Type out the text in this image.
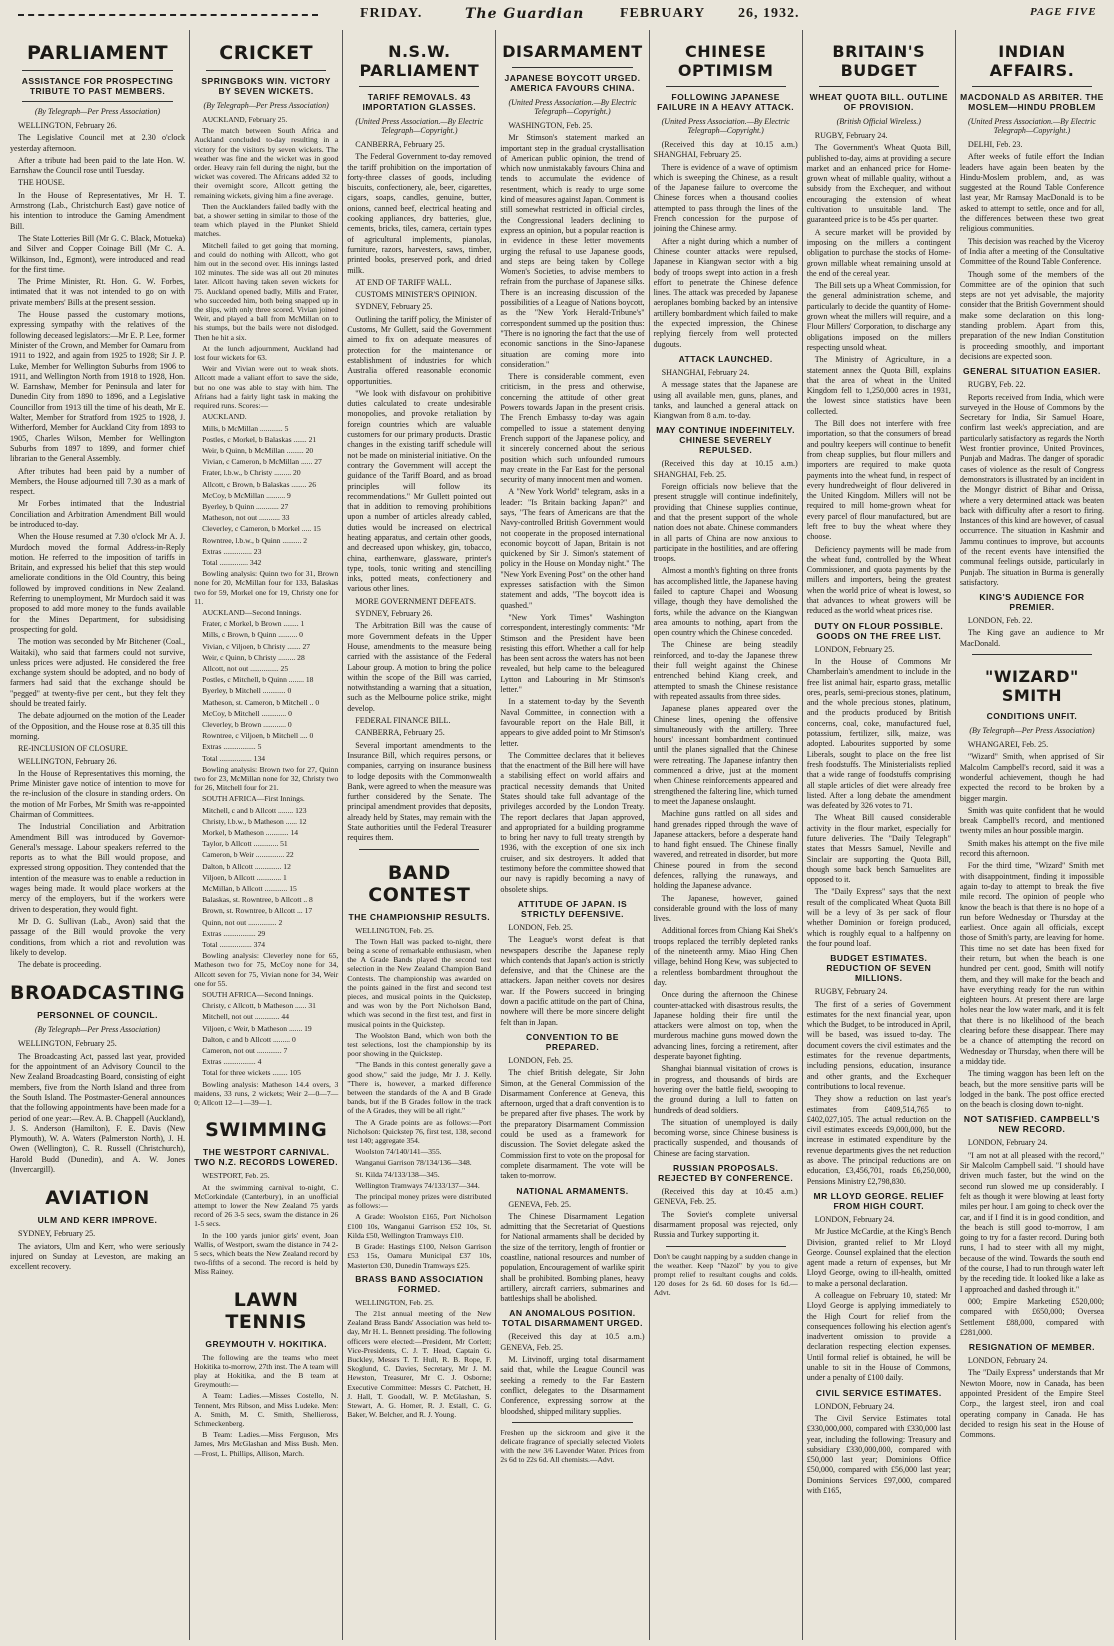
FRIDAY.	The Guardian	FEBRUARY 26, 1932.	PAGE FIVE
PARLIAMENT
ASSISTANCE FOR PROSPECTING TRIBUTE TO PAST MEMBERS.
(By Telegraph—Per Press Association)

WELLINGTON, February 26.

The Legislative Council met at 2.30 o'clock yesterday afternoon.

After a tribute had been paid to the late Hon. W. Earnshaw the Council rose until Tuesday.

THE HOUSE.

In the House of Representatives, Mr H. T. Armstrong (Lab., Christchurch East) gave notice of his intention to introduce the Gaming Amendment Bill.

The State Lotteries Bill (Mr G. C. Black, Motueka) and Silver and Copper Coinage Bill (Mr C. A. Wilkinson, Ind., Egmont), were introduced and read for the first time.

The Prime Minister, Rt. Hon. G. W. Forbes, intimated that it was not intended to go on with private members' Bills at the present session.

The House passed the customary motions, expressing sympathy with the relatives of the following deceased legislators:—Mr E. P. Lee, former Minister of the Crown, and Member for Oamaru from 1911 to 1922, and again from 1925 to 1928; Sir J. P. Luke, Member for Wellington Suburbs from 1906 to 1911, and Wellington North from 1918 to 1928, Hon. W. Earnshaw, Member for Peninsula and later for Dunedin City from 1890 to 1896, and a Legislative Councillor from 1913 till the time of his death, Mr E. Walter, Member for Stratford from 1925 to 1928, J. Witherford, Member for Auckland City from 1893 to 1905, Charles Wilson, Member for Wellington Suburbs from 1897 to 1899, and former chief librarian to the General Assembly.

After tributes had been paid by a number of Members, the House adjourned till 7.30 as a mark of respect.

Mr Forbes intimated that the Industrial Conciliation and Arbitration Amendment Bill would be introduced to-day.

When the House resumed at 7.30 o'clock Mr A. J. Murdoch moved the formal Address-in-Reply motion. He referred to the imposition of tariffs in Britain, and expressed his belief that this step would ameliorate conditions in the Old Country, this being followed by improved conditions in New Zealand. Referring to unemployment, Mr Murdoch said it was proposed to add more money to the funds available for the Mines Department, for subsidising prospecting for gold.

The motion was seconded by Mr Bitchener (Coal., Waitaki), who said that farmers could not survive, unless prices were adjusted. He considered the free exchange system should be adopted, and no body of farmers had said that the exchange should be "pegged" at twenty-five per cent., but they felt they should be treated fairly.

The debate adjourned on the motion of the Leader of the Opposition, and the House rose at 8.35 till this morning.

RE-INCLUSION OF CLOSURE.

WELLINGTON, February 26.

In the House of Representatives this morning, the Prime Minister gave notice of intention to move for the re-inclusion of the closure in standing orders. On the motion of Mr Forbes, Mr Smith was re-appointed Chairman of Committees.

The Industrial Conciliation and Arbitration Amendment Bill was introduced by Governor-General's message. Labour speakers referred to the reports as to what the Bill would propose, and expressed strong opposition. They contended that the intention of the measure was to enable a reduction in wages being made. It would place workers at the mercy of the employers, but if the workers were driven to desperation, they would fight.

Mr D. G. Sullivan (Lab., Avon) said that the passage of the Bill would provoke the very conditions, from which a riot and revolution was likely to develop.

The debate is proceeding.

BROADCASTING
PERSONNEL OF COUNCIL.
(By Telegraph—Per Press Association)

WELLINGTON, February 25.

The Broadcasting Act, passed last year, provided for the appointment of an Advisory Council to the New Zealand Broadcasting Board, consisting of eight members, five from the North Island and three from the South Island. The Postmaster-General announces that the following appointments have been made for a period of one year:—Rev. A. B. Chappell (Auckland), J. S. Anderson (Hamilton), F. E. Davis (New Plymouth), W. A. Waters (Palmerston North), J. H. Owen (Wellington), C. R. Russell (Christchurch), Harold Budd (Dunedin), and A. W. Jones (Invercargill).

AVIATION
ULM AND KERR IMPROVE.

SYDNEY, February 25.

The aviators, Ulm and Kerr, who were seriously injured on Sunday at Leveston, are making an excellent recovery.

CRICKET
SPRINGBOKS WIN. VICTORY BY SEVEN WICKETS.
(By Telegraph—Per Press Association)

AUCKLAND, February 25.

The match between South Africa and Auckland concluded to-day resulting in a victory for the visitors by seven wickets. The weather was fine and the wicket was in good order. Heavy rain fell during the night, but the wicket was covered. The Africans added 32 to their overnight score, Allcott getting the remaining wickets, giving him a fine average.

Then the Aucklanders failed badly with the bat, a shower setting in similar to those of the team which played in the Plunket Shield matches.

Mitchell failed to get going that morning, and could do nothing with Allcott, who got him out in the second over. His innings lasted 102 minutes. The side was all out 20 minutes later. Allcott having taken seven wickets for 75. Auckland opened badly, Mills and Frater, who succeeded him, both being snapped up in the slips, with only three scored. Vivian joined Weir, and played a ball from McMillan on to his stumps, but the bails were not dislodged. Then he hit a six.

At the lunch adjournment, Auckland had lost four wickets for 63.

Weir and Vivian were out to weak shots. Allcott made a valiant effort to save the side, but no one was able to stay with him. The Afrians had a fairly light task in making the required runs. Scores:—

AUCKLAND.

Mills, b McMillan ............ 5

Postles, c Morkel, b Balaskas ....... 21

Weir, b Quinn, b McMillan ......... 20

Vivian, c Cameron, b McMillan ...... 27

Frater, l.b.w., b Christy ......... 20

Allcott, c Brown, b Balaskas ........ 26

McCoy, b McMillan .......... 9

Byerley, b Quinn ............ 27

Matheson, not out ........... 33

Cleverley, c Cameron, b Morkel ..... 15

Rowntree, l.b.w., b Quinn .......... 2

Extras ............... 23

Total ............... 342

Bowling analysis: Quinn two for 31, Brown none for 20, McMillan four for 133, Balaskas two for 59, Morkel one for 19, Christy one for 11.

AUCKLAND—Second Innings.

Frater, c Morkel, b Brown ........ 1

Mills, c Brown, b Quinn .......... 0

Vivian, c Viljoen, b Christy ....... 27

Weir, c Quinn, b Christy ......... 28

Allcott, not out ............... 25

Postles, c Mitchell, b Quinn ........ 18

Byerley, b Mitchell ............ 0

Matheson, st. Cameron, b Mitchell .. 0

McCoy, b Mitchell ............. 0

Cleverley, b Brown ............ 0

Rowntree, c Viljoen, b Mitchell .... 0

Extras ................. 5

Total ................. 134

Bowling analysis: Brown two for 27, Quinn two for 23, McMillan none for 32, Christy two for 26, Mitchell four for 21.

SOUTH AFRICA—First Innings.

Mitchell, c and b Allcott ........ 123

Christy, l.b.w., b Matheson ...... 12

Morkel, b Matheson ............ 14

Taylor, b Allcott ............. 51

Cameron, b Weir ............... 22

Dalton, b Allcott .............. 12

Viljoen, b Allcott ............. 1

McMillan, b Allcott ............ 15

Balaskas, st. Rowntree, b Allcott .. 8

Brown, st. Rowntree, b Allcott ... 17

Quinn, not out ............... 2

Extras ................. 29

Total ................. 374

Bowling analysis: Cleverley none for 65, Matheson two for 75, McCoy none for 34, Allcott seven for 75, Vivian none for 34, Weir one for 55.

SOUTH AFRICA—Second Innings.

Christy, c Allcott, b Matheson ...... 31

Mitchell, not out ............. 44

Viljoen, c Weir, b Matheson ....... 19

Dalton, c and b Allcott ......... 0

Cameron, not out ............. 7

Extras ................. 4

Total for three wickets ........ 105

Bowling analysis: Matheson 14.4 overs, 3 maidens, 33 runs, 2 wickets; Weir 2—0—7—0; Allcott 12—1—39—1.

SWIMMING
THE WESTPORT CARNIVAL. TWO N.Z. RECORDS LOWERED.

WESTPORT, Feb. 25.

At the swimming carnival to-night, C. McCorkindale (Canterbury), in an unofficial attempt to lower the New Zealand 75 yards record of 26 3-5 secs, swam the distance in 26 1-5 secs.

In the 100 yards junior girls' event, Joan Wallis, of Westport, swam the distance in 74 2-5 secs, which beats the New Zealand record by two-fifths of a second. The record is held by Miss Rainey.

LAWN TENNIS
GREYMOUTH V. HOKITIKA.

The following are the teams who meet Hokitika to-morrow, 27th inst. The A team will play at Hokitika, and the B team at Greymouth:—

A Team: Ladies.—Misses Costello, N. Tennent, Mrs Ribson, and Miss Ludeke. Men: A. Smith, M. C. Smith, Shellieross, Schmeckenberg.

B Team: Ladies.—Miss Ferguson, Mrs James, Mrs McGlashan and Miss Bush. Men.—Frost, L. Phillips, Allison, March.

N.S.W. PARLIAMENT
TARIFF REMOVALS. 43 IMPORTATION GLASSES.
(United Press Association.—By Electric Telegraph—Copyright.)

CANBERRA, February 25.

The Federal Government to-day removed the tariff prohibition on the importation of forty-three classes of goods, including biscuits, confectionery, ale, beer, cigarettes, cigars, soaps, candles, genuine, butter, onions, canned beef, electrical heating and cooking appliances, dry batteries, glue, cements, bricks, tiles, camera, certain types of agricultural implements, pianolas, furniture, razors, harvesters, saws, timber, printed books, preserved pork, and dried milk.

AT END OF TARIFF WALL.

CUSTOMS MINISTER'S OPINION.

SYDNEY, February 25.

Outlining the tariff policy, the Minister of Customs, Mr Gullett, said the Government aimed to fix on adequate measures of protection for the maintenance or establishment of industries for which Australia offered reasonable economic opportunities.

"We look with disfavour on prohibitive duties calculated to create undesirable monopolies, and provoke retaliation by foreign countries which are valuable customers for our primary products. Drastic changes in the existing tariff schedule will not be made on ministerial initiative. On the contrary the Government will accept the guidance of the Tariff Board, and as broad principles will follow its recommendations." Mr Gullett pointed out that in addition to removing prohibitions upon a number of articles already cabled, duties would be increased on electrical heating apparatus, and certain other goods, and decreased upon whiskey, gin, tobacco, china, earthenware, glassware, printer's type, tools, tonic writing and stencilling inks, potted meats, confectionery and various other lines.

MORE GOVERNMENT DEFEATS.

SYDNEY, February 26.

The Arbitration Bill was the cause of more Government defeats in the Upper House, amendments to the measure being carried with the assistance of the Federal Labour group. A motion to bring the police within the scope of the Bill was carried, notwithstanding a warning that a situation, such as the Melbourne police strike, might develop.

FEDERAL FINANCE BILL.

CANBERRA, February 25.

Several important amendments to the Insurance Bill, which requires persons, or companies, carrying on insurance business to lodge deposits with the Commonwealth Bank, were agreed to when the measure was further considered by the Senate. The principal amendment provides that deposits, already held by States, may remain with the State authorities until the Federal Treasurer requires them.

BAND CONTEST
THE CHAMPIONSHIP RESULTS.

WELLINGTON, Feb. 25.

The Town Hall was packed to-night, there being a scene of remarkable enthusiasm, when the A Grade Bands played the second test selection in the New Zealand Champion Band Contests. The championship was awarded on the points gained in the first and second test pieces, and musical points in the Quickstep, and was won by the Port Nicholson Band, which was second in the first test, and first in musical points in the Quickstep.

The Woolston Band, which won both the test selections, lost the championship by its poor showing in the Quickstep.

"The Bands in this contest generally gave a good show," said the judge, Mr J. J. Kelly. "There is, however, a marked difference between the standards of the A and B Grade bands, but if the B Grades follow in the track of the A Grades, they will be all right."

The A Grade points are as follows:—Port Nicholson: Quickstep 76, first test, 138, second test 140; aggregate 354.

Woolston 74/140/141—355.

Wanganui Garrison 78/134/136—348.

St. Kilda 74/133/138—345.

Wellington Tramways 74/133/137—344.

The principal money prizes were distributed as follows:—

A Grade: Woolston £165, Port Nicholson £100 10s, Wanganui Garrison £52 10s, St. Kilda £50, Wellington Tramways £10.

B Grade: Hastings £100, Nelson Garrison £53 15s, Oamaru Municipal £37 10s, Masterton £30, Dunedin Tramways £25.

BRASS BAND ASSOCIATION FORMED.

WELLINGTON, Feb. 25.

The 21st annual meeting of the New Zealand Brass Bands' Association was held to-day, Mr H. L. Bennett presiding. The following officers were elected:—President, Mr Corlett; Vice-Presidents, C. J. T. Head, Captain G. Buckley, Messrs T. T. Hull, R. B. Rope, F. Skoglund, C. Davies, Secretary, Mr J. M. Hewston, Treasurer, Mr C. J. Osborne; Executive Committee: Messrs C. Patchett, H. J. Hall, T. Goodall, W. P. McGlashan, S. Stewart, A. G. Homer, R. J. Estall, C. G. Baker, W. Belcher, and R. J. Young.

DISARMAMENT
JAPANESE BOYCOTT URGED. AMERICA FAVOURS CHINA.
(United Press Association.—By Electric Telegraph—Copyright.)

WASHINGTON, Feb. 25.

Mr Stimson's statement marked an important step in the gradual crystallisation of American public opinion, the trend of which now unmistakably favours China and tends to accumulate the evidence of resentment, which is ready to urge some kind of measures against Japan. Comment is still somewhat restricted in official circles, the Congressional leaders declining to express an opinion, but a popular reaction is in evidence in these letter movements urging the refusal to use Japanese goods, and steps are being taken by College Women's Societies, to advise members to refrain from the purchase of Japanese silks. There is an increasing discussion of the possibilities of a League of Nations boycott, as the "New York Herald-Tribune's" correspondent summed up the position thus: "There is no ignoring the fact that the use of economic sanctions in the Sino-Japanese situation are coming more into consideration."

There is considerable comment, even criticism, in the press and otherwise, concerning the attitude of other great Powers towards Japan in the present crisis. The French Embassy to-day was again compelled to issue a statement denying French support of the Japanese policy, and it sincerely concerned about the serious position which such unfounded rumours may create in the Far East for the personal security of many innocent men and women.

A "New York World" telegram, asks in a leader: "Is Britain backing Japan?" and says, "The fears of Americans are that the Navy-controlled British Government would not cooperate in the proposed international economic boycott of Japan, Britain is not quickened by Sir J. Simon's statement of policy in the House on Monday night." The "New York Evening Post" on the other hand expresses satisfaction with the Simon statement and adds, "The boycott idea is quashed."

"New York Times" Washington correspondent, interestingly comments: "Mr Stimson and the President have been resisting this effort. Whether a call for help has been sent across the waters has not been revealed, but help came to the beleagured Lytton and Labouring in Mr Stimson's letter."

In a statement to-day by the Seventh Naval Committee, in connection with a favourable report on the Hale Bill, it appears to give added point to Mr Stimson's letter.

The Committee declares that it believes that the enactment of the Bill here will have a stabilising effect on world affairs and practical necessity demands that United States should take full advantage of the privileges accorded by the London Treaty. The report declares that Japan approved, and appropriated for a building programme to bring her navy to full treaty strength by 1936, with the exception of one six inch cruiser, and six destroyers. It added that testimony before the committee showed that our navy is rapidly becoming a navy of obsolete ships.

ATTITUDE OF JAPAN. IS STRICTLY DEFENSIVE.

LONDON, Feb. 25.

The League's worst defeat is that newspapers describe the Japanese reply which contends that Japan's action is strictly defensive, and that the Chinese are the attackers. Japan neither covets nor desires war. If the Powers succeed in bringing down a pacific attitude on the part of China, nowhere will there be more sincere delight felt than in Japan.

CONVENTION TO BE PREPARED.

LONDON, Feb. 25.

The chief British delegate, Sir John Simon, at the General Commission of the Disarmament Conference at Geneva, this afternoon, urged that a draft convention is to be prepared after five phases. The work by the preparatory Disarmament Commission could be used as a framework for discussion. The Soviet delegate asked the Commission first to vote on the proposal for complete disarmament. The vote will be taken to-morrow.

NATIONAL ARMAMENTS.

GENEVA, Feb. 25.

The Chinese Disarmament Legation admitting that the Secretariat of Questions for National armaments shall be decided by the size of the territory, length of frontier or coastline, national resources and number of population, Encouragement of warlike spirit shall be prohibited. Bombing planes, heavy artillery, aircraft carriers, submarines and battleships shall be abolished.

AN ANOMALOUS POSITION. TOTAL DISARMAMENT URGED.

(Received this day at 10.5 a.m.) GENEVA, Feb. 25.

M. Litvinoff, urging total disarmament said that, while the League Council was seeking a remedy to the Far Eastern conflict, delegates to the Disarmament Conference, expressing sorrow at the bloodshed, shipped military supplies.

Freshen up the sickroom and give it the delicate fragrance of specially selected Violets with the new 3/6 Lavender Water. Prices from 2s 6d to 22s 6d. All chemists.—Advt.
CHINESE OPTIMISM
FOLLOWING JAPANESE FAILURE IN A HEAVY ATTACK.
(United Press Association.—By Electric Telegraph—Copyright.)

(Received this day at 10.15 a.m.) SHANGHAI, February 25.

There is evidence of a wave of optimism which is sweeping the Chinese, as a result of the Japanese failure to overcome the Chinese forces when a thousand coolies attempted to pass through the lines of the French concession for the purpose of joining the Chinese army.

After a night during which a number of Chinese counter attacks were repulsed, Japanese in Kiangwan sector with a big body of troops swept into action in a fresh effort to penetrate the Chinese defence lines. The attack was preceded by Japanese aeroplanes bombing backed by an intensive artillery bombardment which failed to make the expected impression, the Chinese replying fiercely from well protected dugouts.

ATTACK LAUNCHED.

SHANGHAI, February 24.

A message states that the Japanese are using all available men, guns, planes, and tanks, and launched a general attack on Kiangwan from 8 a.m. to-day.

MAY CONTINUE INDEFINITELY. CHINESE SEVERELY REPULSED.

(Received this day at 10.15 a.m.) SHANGHAI, Feb. 25.

Foreign officials now believe that the present struggle will continue indefinitely, providing that Chinese supplies continue, and that the present support of the whole nation does not abate. Chinese commanders in all parts of China are now anxious to participate in the hostilities, and are offering troops.

Almost a month's fighting on three fronts has accomplished little, the Japanese having failed to capture Chapei and Woosung village, though they have demolished the forts, while the advance on the Kiangwan area amounts to nothing, apart from the open country which the Chinese conceded.

The Chinese are being steadily reinforced, and to-day the Japanese threw their full weight against the Chinese entrenched behind Kiang creek, and attempted to smash the Chinese resistance with repeated assaults from three sides.

Japanese planes appeared over the Chinese lines, opening the offensive simultaneously with the artillery. Three hours' incessant bombardment continued until the planes signalled that the Chinese were retreating. The Japanese infantry then commenced a drive, just at the moment when Chinese reinforcements appeared and strengthened the faltering line, which turned to meet the Japanese onslaught.

Machine guns rattled on all sides and hand grenades ripped through the wave of Japanese attackers, before a desperate hand to hand fight ensued. The Chinese finally wavered, and retreated in disorder, but more Chinese poured in from the second defences, rallying the runaways, and holding the Japanese advance.

The Japanese, however, gained considerable ground with the loss of many lives.

Additional forces from Chiang Kai Shek's troops replaced the terribly depleted ranks of the nineteenth army. Miao Hing Chen village, behind Hong Kew, was subjected to a relentless bombardment throughout the day.

Once during the afternoon the Chinese counter-attacked with disastrous results, the Japanese holding their fire until the attackers were almost on top, when the murderous machine guns mowed down the advancing lines, forcing a retirement, after desperate bayonet fighting.

Shanghai biannual visitation of crows is in progress, and thousands of birds are hovering over the battle field, swooping to the ground during a lull to fatten on hundreds of dead soldiers.

The situation of unemployed is daily becoming worse, since Chinese business is practically suspended, and thousands of Chinese are facing starvation.

RUSSIAN PROPOSALS. REJECTED BY CONFERENCE.

(Received this day at 10.45 a.m.) GENEVA, Feb. 25.

The Soviet's complete universal disarmament proposal was rejected, only Russia and Turkey supporting it.

Don't be caught napping by a sudden change in the weather. Keep "Nazol" by you to give prompt relief to resultant coughs and colds. 120 doses for 2s 6d. 60 doses for 1s 6d.—Advt.
BRITAIN'S BUDGET
WHEAT QUOTA BILL. OUTLINE OF PROVISION.
(British Official Wireless.)

RUGBY, February 24.

The Government's Wheat Quota Bill, published to-day, aims at providing a secure market and an enhanced price for Home-grown wheat of millable quality, without a subsidy from the Exchequer, and without encouraging the extension of wheat cultivation to unsuitable land. The guaranteed price is to be 45s per quarter.

A secure market will be provided by imposing on the millers a contingent obligation to purchase the stocks of Home-grown millable wheat remaining unsold at the end of the cereal year.

The Bill sets up a Wheat Commission, for the general administration scheme, and particularly to decide the quantity of Home-grown wheat the millers will require, and a Flour Millers' Corporation, to discharge any obligations imposed on the millers respecting unsold wheat.

The Ministry of Agriculture, in a statement annex the Quota Bill, explains that the area of wheat in the United Kingdom fell to 1,250,000 acres in 1931, the lowest since statistics have been collected.

The Bill does not interfere with free importation, so that the consumers of bread and poultry keepers will continue to benefit from cheap supplies, but flour millers and importers are required to make quota payments into the wheat fund, in respect of every hundredweight of flour delivered in the United Kingdom. Millers will not be required to mill home-grown wheat for every parcel of flour manufactured, but are left free to buy the wheat where they choose.

Deficiency payments will be made from the wheat fund, controlled by the Wheat Commissioner, and quota payments by the millers and importers, being the greatest when the world price of wheat is lowest, so that advances to wheat growers will be reduced as the world wheat prices rise.

DUTY ON FLOUR POSSIBLE. GOODS ON THE FREE LIST.

LONDON, February 25.

In the House of Commons Mr Chamberlain's amendment to include in the free list animal hair, esparto grass, metallic ores, pearls, semi-precious stones, platinum, and the whole precious stones, platinum, and the products produced by British concerns, coal, coke, manufactured fuel, potassium, fertilizer, silk, maize, was adopted. Labourites supported by some Liberals, sought to place on the free list fresh foodstuffs. The Ministerialists replied that a wide range of foodstuffs comprising all staple articles of diet were already free listed. After a long debate the amendment was defeated by 326 votes to 71.

The Wheat Bill caused considerable activity in the flour market, especially for future deliveries. The "Daily Telegraph" states that Messrs Samuel, Neville and Sinclair are supporting the Quota Bill, though some back bench Samuelites are opposed to it.

The "Daily Express" says that the next result of the complicated Wheat Quota Bill will be a levy of 3s per sack of flour whether Dominion or foreign produced, which is roughly equal to a halfpenny on the four pound loaf.

BUDGET ESTIMATES. REDUCTION OF SEVEN MILLIONS.

RUGBY, February 24.

The first of a series of Government estimates for the next financial year, upon which the Budget, to be introduced in April, will be based, was issued to-day. The document covers the civil estimates and the estimates for the revenue departments, including pensions, education, insurance and other grants, and the Exchequer contributions to local revenue.

They show a reduction on last year's estimates from £409,514,765 to £402,027,105. The actual reduction on the civil estimates exceeds £9,000,000, but the increase in estimated expenditure by the revenue departments gives the net reduction as above. The principal reductions are on education, £3,456,701, roads £6,250,000, Pensions Ministry £2,798,830.

MR LLOYD GEORGE. RELIEF FROM HIGH COURT.

LONDON, February 24.

Mr Justice McCardie, at the King's Bench Division, granted relief to Mr Lloyd George. Counsel explained that the election agent made a return of expenses, but Mr Lloyd George, owing to ill-health, omitted to make a personal declaration.

A colleague on February 10, stated: Mr Lloyd George is applying immediately to the High Court for relief from the consequences following his election agent's inadvertent omission to provide a declaration respecting election expenses. Until formal relief is obtained, he will be unable to sit in the House of Commons, under a penalty of £100 daily.

CIVIL SERVICE ESTIMATES.

LONDON, February 24.

The Civil Service Estimates total £330,000,000, compared with £330,000 last year, including the following: Treasury and subsidiary £330,000,000, compared with £50,000 last year; Dominions Office £50,000, compared with £56,000 last year; Dominions Services £97,000, compared with £165,

INDIAN AFFAIRS.
MACDONALD AS ARBITER. THE MOSLEM—HINDU PROBLEM
(United Press Association.—By Electric Telegraph—Copyright.)

DELHI, Feb. 23.

After weeks of futile effort the Indian leaders have again been beaten by the Hindu-Moslem problem, and, as was suggested at the Round Table Conference last year, Mr Ramsay MacDonald is to be asked to attempt to settle, once and for all, the differences between these two great religious communities.

This decision was reached by the Viceroy of India after a meeting of the Consultative Committee of the Round Table Conference.

Though some of the members of the Committee are of the opinion that such steps are not yet advisable, the majority consider that the British Government should make some declaration on this long-standing problem. Apart from this, preparation of the new Indian Constitution is proceeding smoothly, and important decisions are expected soon.

GENERAL SITUATION EASIER.

RUGBY, Feb. 22.

Reports received from India, which were surveyed in the House of Commons by the Secretary for India, Sir Samuel Hoare, confirm last week's appreciation, and are particularly satisfactory as regards the North West frontier province, United Provinces, Punjab and Madras. The danger of sporadic cases of violence as the result of Congress demonstrators is illustrated by an incident in the Mongyr district of Bihar and Orissa, where a very determined attack was beaten back with difficulty after a resort to firing. Instances of this kind are however, of casual occurrence. The situation in Kashmir and Jammu continues to improve, but accounts of the recent events have intensified the communal feelings outside, particularly in Punjab. The situation in Burma is generally satisfactory.

KING'S AUDIENCE FOR PREMIER.

LONDON, Feb. 22.

The King gave an audience to Mr MacDonald.

"WIZARD" SMITH
CONDITIONS UNFIT.
(By Telegraph—Per Press Association)

WHANGAREI, Feb. 25.

"Wizard" Smith, when apprised of Sir Malcolm Campbell's record, said it was a wonderful achievement, though he had expected the record to be broken by a bigger margin.

Smith was quite confident that he would break Campbell's record, and mentioned twenty miles an hour possible margin.

Smith makes his attempt on the five mile record this afternoon.

For the third time, "Wizard" Smith met with disappointment, finding it impossible again to-day to attempt to break the five mile record. The opinion of people who know the beach is that there is no hope of a run before Wednesday or Thursday at the earliest. Once again all officials, except those of Smith's party, are leaving for home. This time no set date has been fixed for their return, but when the beach is one hundred per cent. good, Smith will notify them, and they will make for the beach and have everything ready for the run within eighteen hours. At present there are large holes near the low water mark, and it is felt that there is no likelihood of the beach clearing before these disappear. There may be a chance of attempting the record on Wednesday or Thursday, when there will be a midday tide.

The timing waggon has been left on the beach, but the more sensitive parts will be lodged in the bank. The post office erected on the beach is closing down to-night.

NOT SATISFIED. CAMPBELL'S NEW RECORD.

LONDON, February 24.

"I am not at all pleased with the record," Sir Malcolm Campbell said. "I should have driven much faster, but the wind on the second run slowed me up considerably. I felt as though it were blowing at least forty miles per hour. I am going to check over the car, and if I find it is in good condition, and the beach is still good to-morrow, I am going to try for a faster record. During both runs, I had to steer with all my might, because of the wind. Towards the south end of the course, I had to run through water left by the receding tide. It looked like a lake as I approached and dashed through it."

000; Empire Marketing £520,000; compared with £650,000; Oversea Settlement £88,000, compared with £281,000.

RESIGNATION OF MEMBER.

LONDON, February 24.

The "Daily Express" understands that Mr Newton Moore, now in Canada, has been appointed President of the Empire Steel Corp., the largest steel, iron and coal operating company in Canada. He has decided to resign his seat in the House of Commons.
